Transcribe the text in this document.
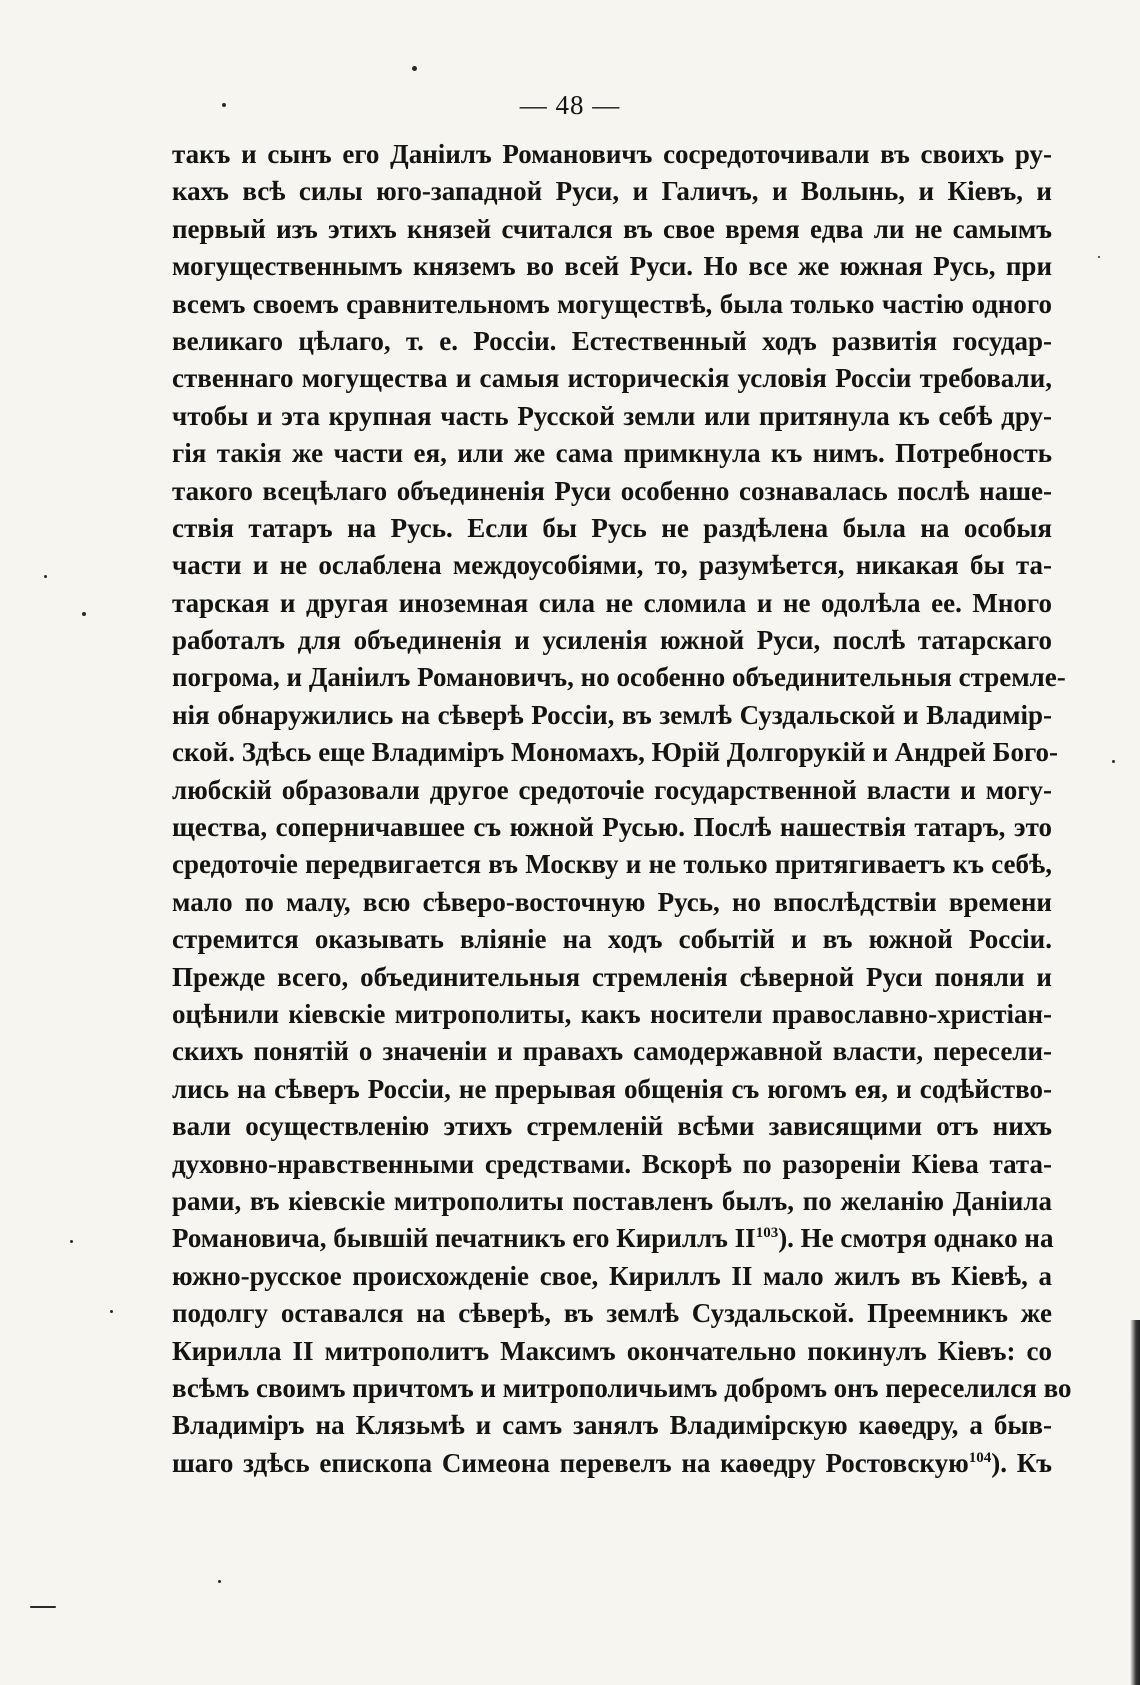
— 48 —
такъ и сынъ его Даніилъ Романовичъ сосредоточивали въ своихъ ру-
кахъ всѣ силы юго-западной Руси, и Галичъ, и Волынь, и Кіевъ, и
первый изъ этихъ князей считался въ свое время едва ли не самымъ
могущественнымъ княземъ во всей Руси. Но все же южная Русь, при
всемъ своемъ сравнительномъ могуществѣ, была только частію одного
великаго цѣлаго, т. е. Россіи. Естественный ходъ развитія государ-
ственнаго могущества и самыя историческія условія Россіи требовали,
чтобы и эта крупная часть Русской земли или притянула къ себѣ дру-
гія такія же части ея, или же сама примкнула къ нимъ. Потребность
такого всецѣлаго объединенія Руси особенно сознавалась послѣ наше-
ствія татаръ на Русь. Если бы Русь не раздѣлена была на особыя
части и не ослаблена междоусобіями, то, разумѣется, никакая бы та-
тарская и другая иноземная сила не сломила и не одолѣла ее. Много
работалъ для объединенія и усиленія южной Руси, послѣ татарскаго
погрома, и Даніилъ Романовичъ, но особенно объединительныя стремле-
нія обнаружились на сѣверѣ Россіи, въ землѣ Суздальской и Владимір-
ской. Здѣсь еще Владиміръ Мономахъ, Юрій Долгорукій и Андрей Бого-
любскій образовали другое средоточіе государственной власти и могу-
щества, соперничавшее съ южной Русью. Послѣ нашествія татаръ, это
средоточіе передвигается въ Москву и не только притягиваетъ къ себѣ,
мало по малу, всю сѣверо-восточную Русь, но впослѣдствіи времени
стремится оказывать вліяніе на ходъ событій и въ южной Россіи.
Прежде всего, объединительныя стремленія сѣверной Руси поняли и
оцѣнили кіевскіе митрополиты, какъ носители православно-христіан-
скихъ понятій о значеніи и правахъ самодержавной власти, пересели-
лись на сѣверъ Россіи, не прерывая общенія съ югомъ ея, и содѣйство-
вали осуществленію этихъ стремленій всѣми зависящими отъ нихъ
духовно-нравственными средствами. Вскорѣ по разореніи Кіева тата-
рами, въ кіевскіе митрополиты поставленъ былъ, по желанію Даніила
Романовича, бывшій печатникъ его Кириллъ II$^{103}$). Не смотря однако на
южно-русское происхожденіе свое, Кириллъ II мало жилъ въ Кіевѣ, а
подолгу оставался на сѣверѣ, въ землѣ Суздальской. Преемникъ же
Кирилла II митрополитъ Максимъ окончательно покинулъ Кіевъ: со
всѣмъ своимъ причтомъ и митрополичьимъ добромъ онъ переселился во
Владиміръ на Клязьмѣ и самъ занялъ Владимірскую каѳедру, а быв-
шаго здѣсь епископа Симеона перевелъ на каѳедру Ростовскую$^{104}$). Къ
